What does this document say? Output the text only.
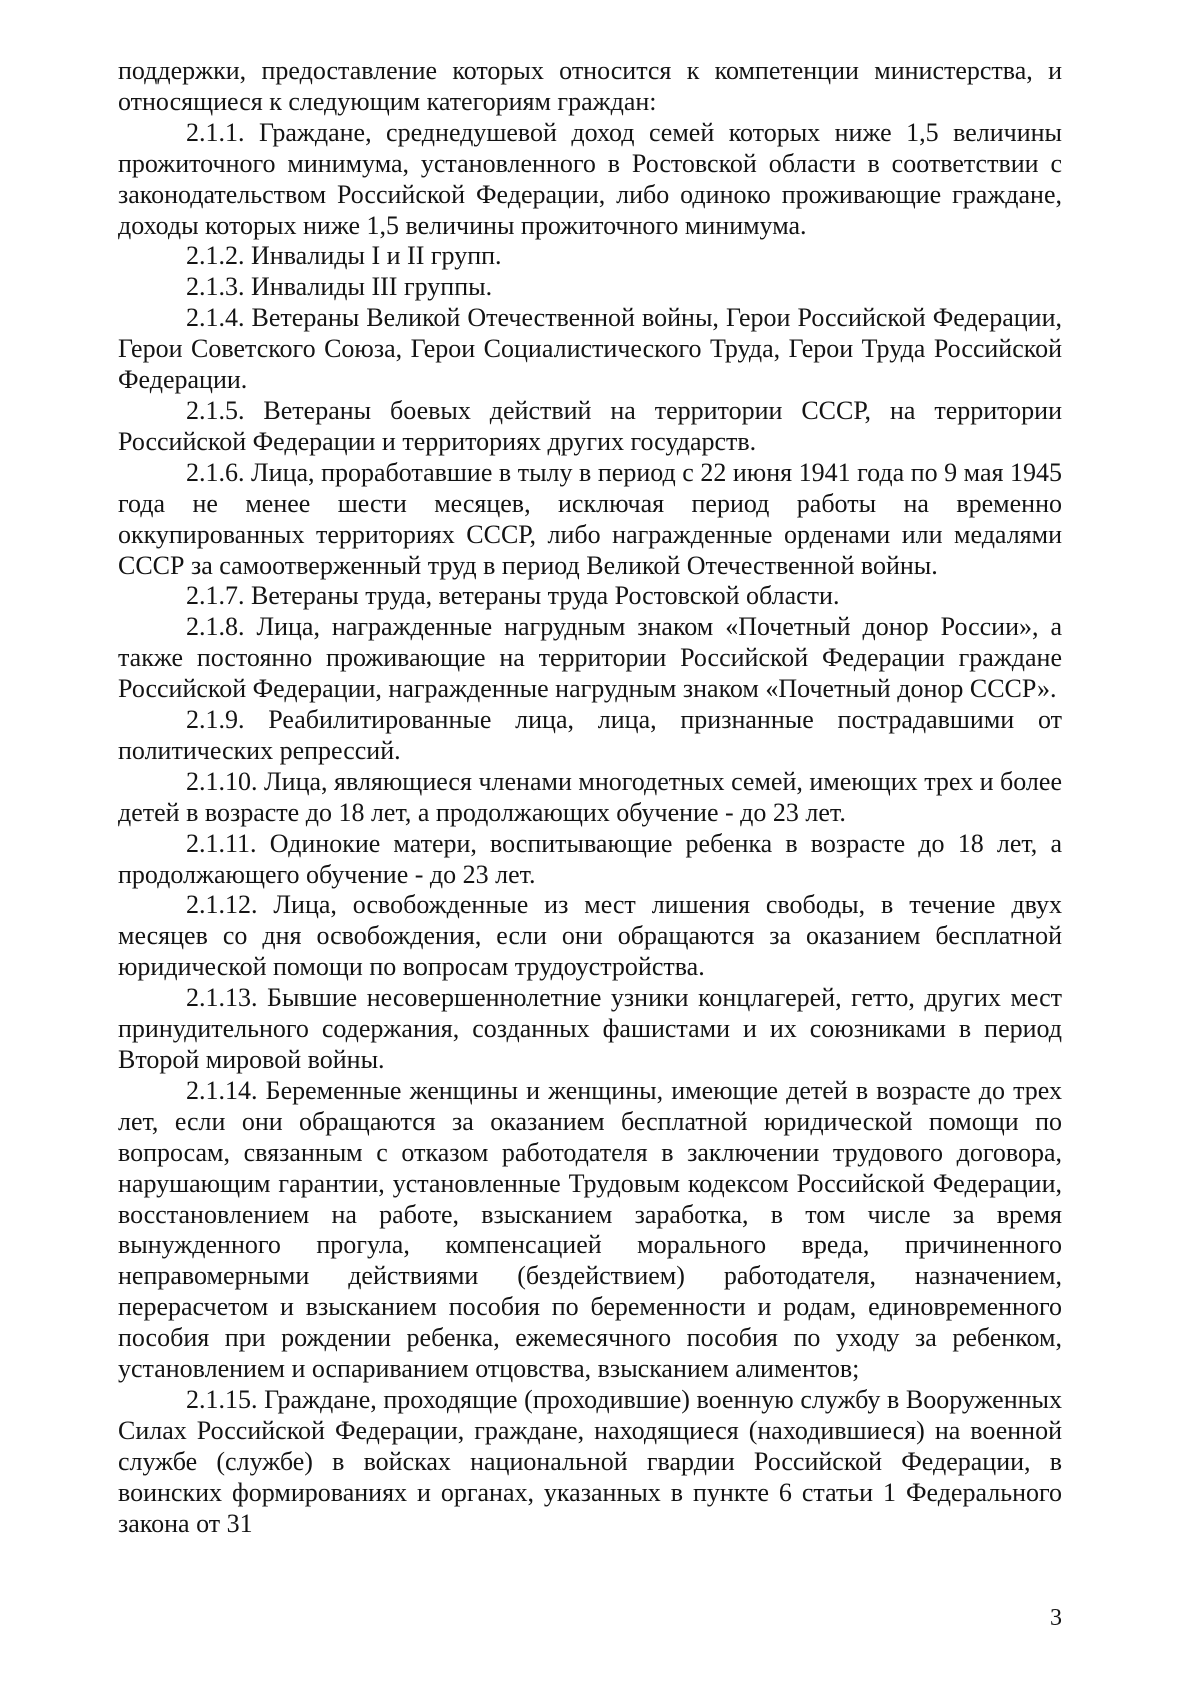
поддержки, предоставление которых относится к компетенции министерства, и относящиеся к следующим категориям граждан:

2.1.1. Граждане, среднедушевой доход семей которых ниже 1,5 величины прожиточного минимума, установленного в Ростовской области в соответствии с законодательством Российской Федерации, либо одиноко проживающие граждане, доходы которых ниже 1,5 величины прожиточного минимума.

2.1.2. Инвалиды I и II групп.

2.1.3. Инвалиды III группы.

2.1.4. Ветераны Великой Отечественной войны, Герои Российской Федерации, Герои Советского Союза, Герои Социалистического Труда, Герои Труда Российской Федерации.

2.1.5. Ветераны боевых действий на территории СССР, на территории Российской Федерации и территориях других государств.

2.1.6. Лица, проработавшие в тылу в период с 22 июня 1941 года по 9 мая 1945 года не менее шести месяцев, исключая период работы на временно оккупированных территориях СССР, либо награжденные орденами или медалями СССР за самоотверженный труд в период Великой Отечественной войны.

2.1.7. Ветераны труда, ветераны труда Ростовской области.

2.1.8. Лица, награжденные нагрудным знаком «Почетный донор России», а также постоянно проживающие на территории Российской Федерации граждане Российской Федерации, награжденные нагрудным знаком «Почетный донор СССР».

2.1.9. Реабилитированные лица, лица, признанные пострадавшими от политических репрессий.

2.1.10. Лица, являющиеся членами многодетных семей, имеющих трех и более детей в возрасте до 18 лет, а продолжающих обучение - до 23 лет.

2.1.11. Одинокие матери, воспитывающие ребенка в возрасте до 18 лет, а продолжающего обучение - до 23 лет.

2.1.12. Лица, освобожденные из мест лишения свободы, в течение двух месяцев со дня освобождения, если они обращаются за оказанием бесплатной юридической помощи по вопросам трудоустройства.

2.1.13. Бывшие несовершеннолетние узники концлагерей, гетто, других мест принудительного содержания, созданных фашистами и их союзниками в период Второй мировой войны.

2.1.14. Беременные женщины и женщины, имеющие детей в возрасте до трех лет, если они обращаются за оказанием бесплатной юридической помощи по вопросам, связанным с отказом работодателя в заключении трудового договора, нарушающим гарантии, установленные Трудовым кодексом Российской Федерации, восстановлением на работе, взысканием заработка, в том числе за время вынужденного прогула, компенсацией морального вреда, причиненного неправомерными действиями (бездействием) работодателя, назначением, перерасчетом и взысканием пособия по беременности и родам, единовременного пособия при рождении ребенка, ежемесячного пособия по уходу за ребенком, установлением и оспариванием отцовства, взысканием алиментов;

2.1.15. Граждане, проходящие (проходившие) военную службу в Вооруженных Силах Российской Федерации, граждане, находящиеся (находившиеся) на военной службе (службе) в войсках национальной гвардии Российской Федерации, в воинских формированиях и органах, указанных в пункте 6 статьи 1 Федерального закона от 31

3
